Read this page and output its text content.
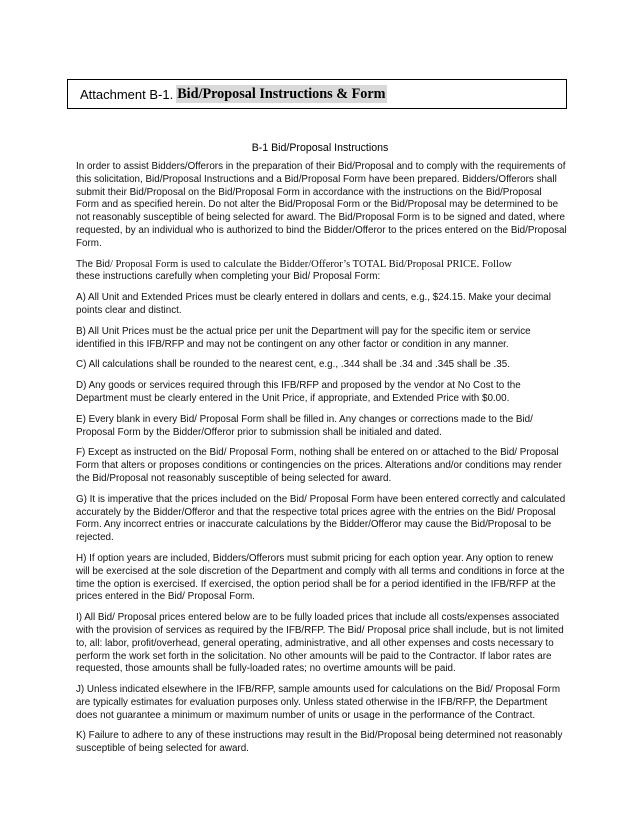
Attachment B-1. Bid/Proposal Instructions & Form
B-1 Bid/Proposal Instructions

In order to assist Bidders/Offerors in the preparation of their Bid/Proposal and to comply with the requirements of this solicitation, Bid/Proposal Instructions and a Bid/Proposal Form have been prepared. Bidders/Offerors shall submit their Bid/Proposal on the Bid/Proposal Form in accordance with the instructions on the Bid/Proposal Form and as specified herein. Do not alter the Bid/Proposal Form or the Bid/Proposal may be determined to be not reasonably susceptible of being selected for award. The Bid/Proposal Form is to be signed and dated, where requested, by an individual who is authorized to bind the Bidder/Offeror to the prices entered on the Bid/Proposal Form.

The Bid/ Proposal Form is used to calculate the Bidder/Offeror’s TOTAL Bid/Proposal PRICE. Follow
these instructions carefully when completing your Bid/ Proposal Form:

A) All Unit and Extended Prices must be clearly entered in dollars and cents, e.g., $24.15. Make your decimal points clear and distinct.

B) All Unit Prices must be the actual price per unit the Department will pay for the specific item or service identified in this IFB/RFP and may not be contingent on any other factor or condition in any manner.

C) All calculations shall be rounded to the nearest cent, e.g., .344 shall be .34 and .345 shall be .35.

D) Any goods or services required through this IFB/RFP and proposed by the vendor at No Cost to the Department must be clearly entered in the Unit Price, if appropriate, and Extended Price with $0.00.

E) Every blank in every Bid/ Proposal Form shall be filled in. Any changes or corrections made to the Bid/ Proposal Form by the Bidder/Offeror prior to submission shall be initialed and dated.

F) Except as instructed on the Bid/ Proposal Form, nothing shall be entered on or attached to the Bid/ Proposal Form that alters or proposes conditions or contingencies on the prices. Alterations and/or conditions may render the Bid/Proposal not reasonably susceptible of being selected for award.

G) It is imperative that the prices included on the Bid/ Proposal Form have been entered correctly and calculated accurately by the Bidder/Offeror and that the respective total prices agree with the entries on the Bid/ Proposal Form. Any incorrect entries or inaccurate calculations by the Bidder/Offeror may cause the Bid/Proposal to be rejected.

H) If option years are included, Bidders/Offerors must submit pricing for each option year. Any option to renew will be exercised at the sole discretion of the Department and comply with all terms and conditions in force at the time the option is exercised. If exercised, the option period shall be for a period identified in the IFB/RFP at the prices entered in the Bid/ Proposal Form.

I) All Bid/ Proposal prices entered below are to be fully loaded prices that include all costs/expenses associated with the provision of services as required by the IFB/RFP. The Bid/ Proposal price shall include, but is not limited to, all: labor, profit/overhead, general operating, administrative, and all other expenses and costs necessary to perform the work set forth in the solicitation. No other amounts will be paid to the Contractor. If labor rates are requested, those amounts shall be fully-loaded rates; no overtime amounts will be paid.

J) Unless indicated elsewhere in the IFB/RFP, sample amounts used for calculations on the Bid/ Proposal Form are typically estimates for evaluation purposes only. Unless stated otherwise in the IFB/RFP, the Department does not guarantee a minimum or maximum number of units or usage in the performance of the Contract.

K) Failure to adhere to any of these instructions may result in the Bid/Proposal being determined not reasonably susceptible of being selected for award.
